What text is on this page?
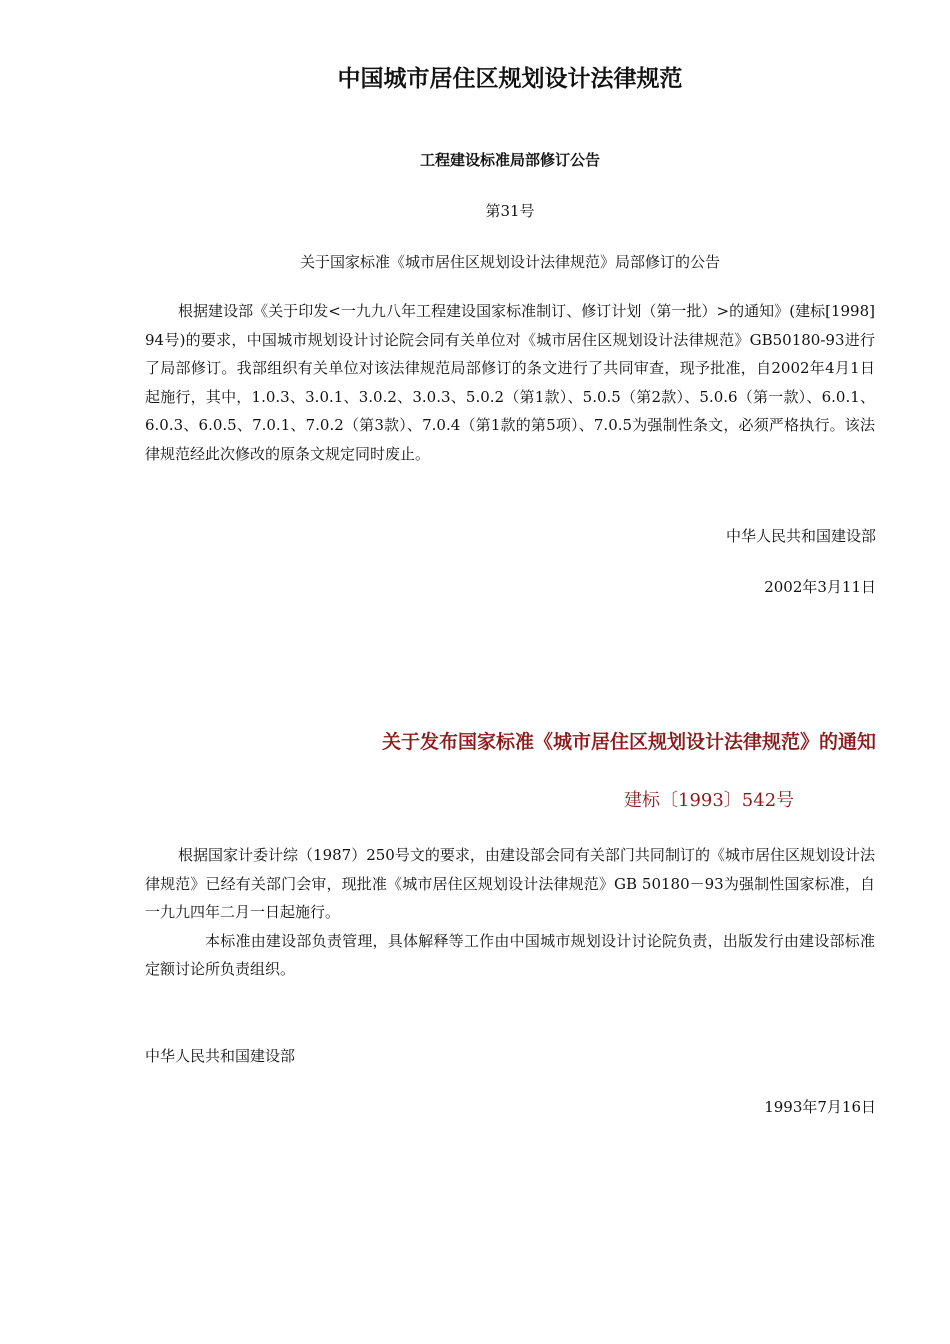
中国城市居住区规划设计法律规范
工程建设标准局部修订公告
第31号
关于国家标准《城市居住区规划设计法律规范》局部修订的公告

根据建设部《关于印发<一九九八年工程建设国家标准制订、修订计划（第一批）>的通知》(建标[1998]94号)的要求，中国城市规划设计讨论院会同有关单位对《城市居住区规划设计法律规范》GB50180-93进行了局部修订。我部组织有关单位对该法律规范局部修订的条文进行了共同审查，现予批准，自2002年4月1日起施行，其中，1.0.3、3.0.1、3.0.2、3.0.3、5.0.2（第1款）、5.0.5（第2款）、5.0.6（第一款）、6.0.1、6.0.3、6.0.5、7.0.1、7.0.2（第3款）、7.0.4（第1款的第5项）、7.0.5为强制性条文，必须严格执行。该法律规范经此次修改的原条文规定同时废止。

中华人民共和国建设部
2002年3月11日
关于发布国家标准《城市居住区规划设计法律规范》的通知
建标〔1993〕542号

根据国家计委计综（1987）250号文的要求，由建设部会同有关部门共同制订的《城市居住区规划设计法律规范》已经有关部门会审，现批准《城市居住区规划设计法律规范》GB 50180－93为强制性国家标准，自一九九四年二月一日起施行。

本标准由建设部负责管理，具体解释等工作由中国城市规划设计讨论院负责，出版发行由建设部标准定额讨论所负责组织。

中华人民共和国建设部
1993年7月16日
